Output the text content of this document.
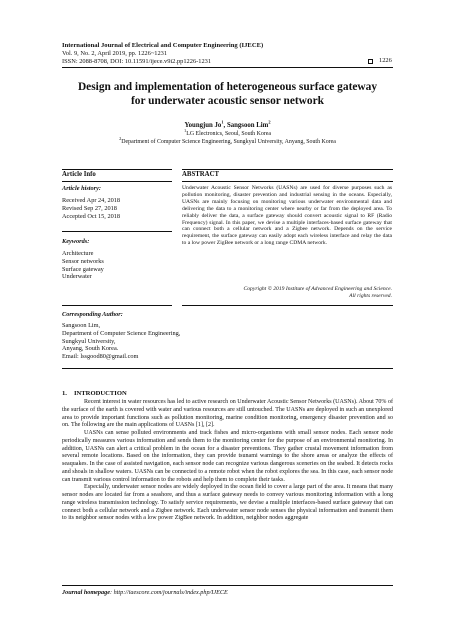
International Journal of Electrical and Computer Engineering (IJECE)
Vol. 9, No. 2, April 2019, pp. 1226~1231
ISSN: 2088-8708, DOI: 10.11591/ijece.v9i2.pp1226-1231	1226
Design and implementation of heterogeneous surface gateway
for underwater acoustic sensor network
Youngjun Jo$^1$, Sangsoon Lim$^2$
$^1$LG Electronics, Seoul, South Korea
$^2$Department of Computer Science Engineering, Sungkyul University, Anyang, South Korea
Article Info	ABSTRACT
Article history:
Received Apr 24, 2018
Revised Sep 27, 2018
Accepted Oct 15, 2018
Keywords:
Architecture
Sensor networks
Surface gateway
Underwater
Underwater Acoustic Sensor Networks (UASNs) are used for diverse purposes such as pollution monitoring, disaster prevention and industrial sensing in the oceans. Especially, UASNs are mainly focusing on monitoring various underwater environmental data and delivering the data to a monitoring center where nearby or far from the deployed area. To reliably deliver the data, a surface gateway should convert acoustic signal to RF (Radio Frequency) signal. In this paper, we devise a multiple interfaces-based surface gateway that can connect both a cellular network and a Zigbee network. Depends on the service requirement, the surface gateway can easily adopt each wireless interface and relay the data to a low power ZigBee network or a long range CDMA network.
Copyright © 2019 Institute of Advanced Engineering and Science.
All rights reserved.
Corresponding Author:
Sangsoon Lim,
Department of Computer Science Engineering,
Sungkyul University,
Anyang, South Korea.
Email: lssgood80@gmail.com
1. INTRODUCTION

Recent interest in water resources has led to active research on Underwater Acoustic Sensor Networks (UASNs). About 70% of the surface of the earth is covered with water and various resources are still untouched. The UASNs are deployed in such an unexplored area to provide important functions such as pollution monitoring, marine condition monitoring, emergency disaster prevention and so on. The following are the main applications of UASNs [1], [2].

UASNs can sense polluted environments and track fishes and micro-organisms with small sensor nodes. Each sensor node periodically measures various information and sends them to the monitoring center for the purpose of an environmental monitoring. In addition, UASNs can alert a critical problem in the ocean for a disaster preventions. They gather crustal movement information from several remote locations. Based on the information, they can provide tsunami warnings to the shore areas or analyze the effects of seaquakes. In the case of assisted navigation, each sensor node can recognize various dangerous sceneries on the seabed. It detects rocks and shoals in shallow waters. UASNs can be connected to a remote robot when the robot explores the sea. In this case, each sensor node can transmit various control information to the robots and help them to complete their tasks.

Especially, underwater sensor nodes are widely deployed in the ocean field to cover a large part of the area. It means that many sensor nodes are located far from a seashore, and thus a surface gateway needs to convey various monitoring information with a long range wireless transmission technology. To satisfy service requirements, we devise a multiple interfaces-based surface gateway that can connect both a cellular network and a Zigbee network. Each underwater sensor node senses the physical information and transmit them to its neighbor sensor nodes with a low power ZigBee network. In addition, neighbor nodes aggregate

Journal homepage: http://iaescore.com/journals/index.php/IJECE
